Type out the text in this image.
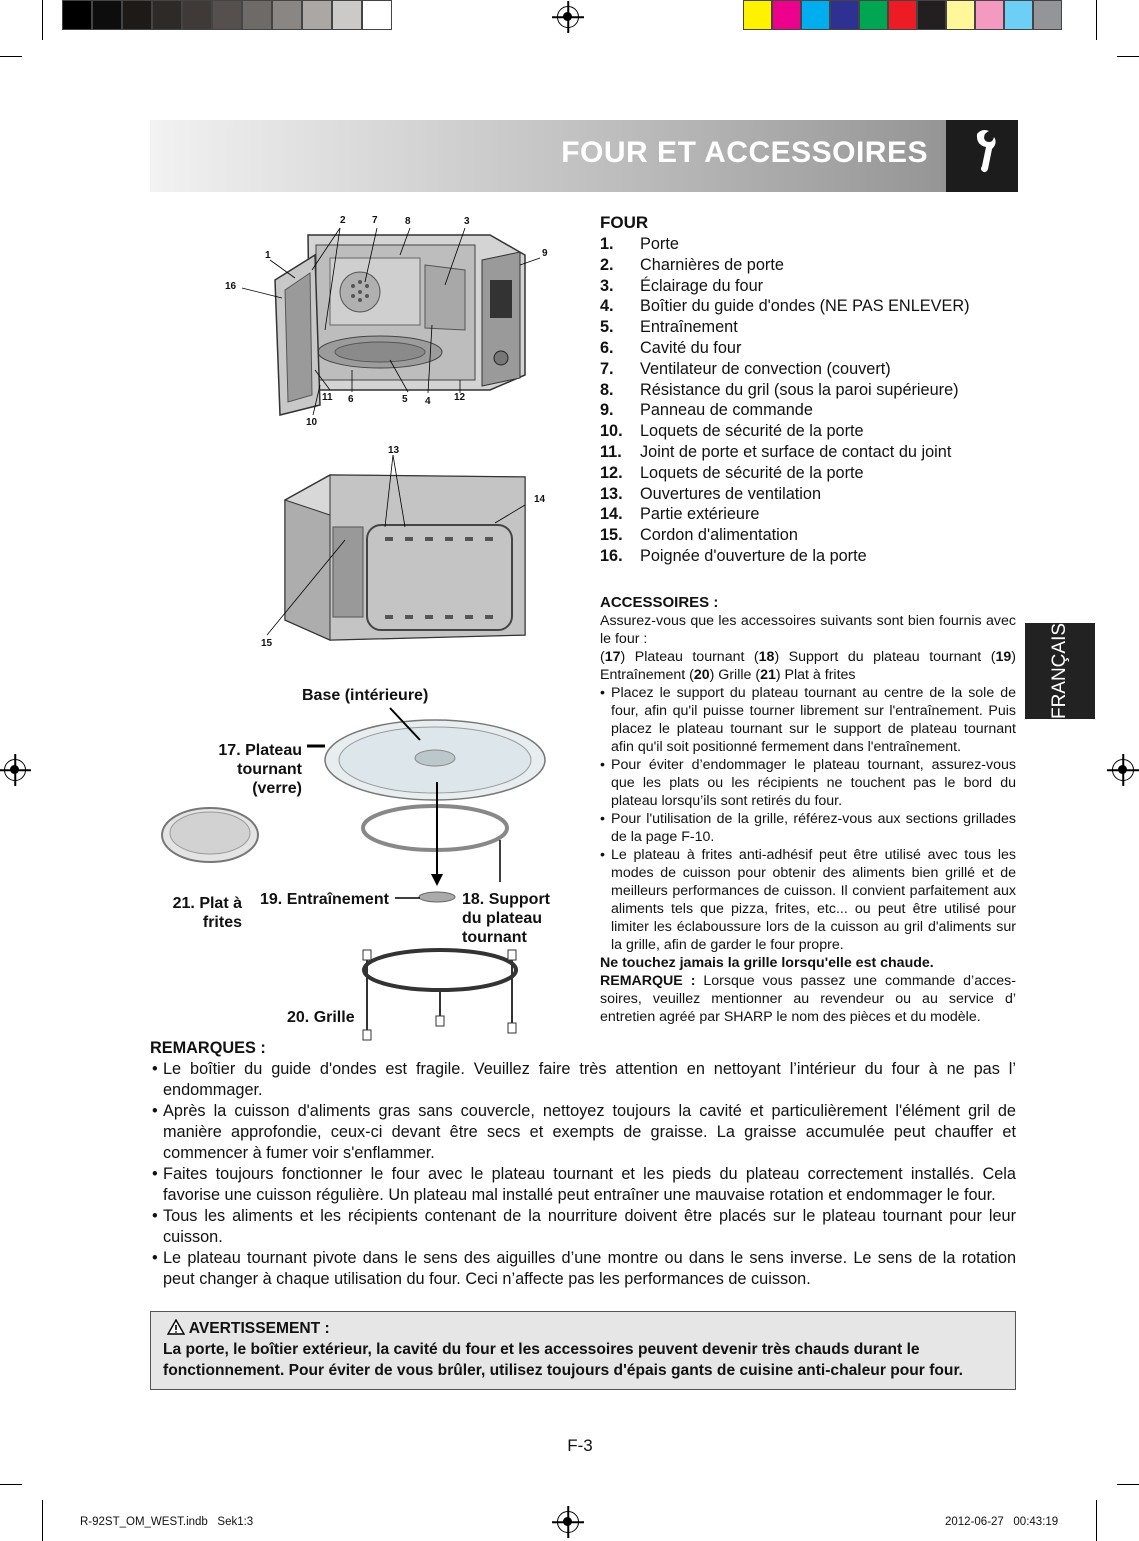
FOUR ET ACCESSOIRES
FRANÇAIS
FOUR
1.	Porte
2.	Charnières de porte
3.	Éclairage du four
4.	Boîtier du guide d'ondes (NE PAS ENLEVER)
5.	Entraînement
6.	Cavité du four
7.	Ventilateur de convection (couvert)
8.	Résistance du gril (sous la paroi supérieure)
9.	Panneau de commande
10.	Loquets de sécurité de la porte
11.	Joint de porte et surface de contact du joint
12.	Loquets de sécurité de la porte
13.	Ouvertures de ventilation
14.	Partie extérieure
15.	Cordon d'alimentation
16.	Poignée d'ouverture de la porte

ACCESSOIRES :

Assurez-vous que les accessoires suivants sont bien fournis avec le four :

(17) Plateau tournant (18) Support du plateau tournant (19) Entraînement (20) Grille (21) Plat à frites

• Placez le support du plateau tournant au centre de la sole de four, afin qu'il puisse tourner librement sur l'entraînement. Puis placez le plateau tournant sur le support de plateau tournant afin qu'il soit positionné fermement dans l'entraînement.
• Pour éviter d’endommager le plateau tournant, assurez-vous que les plats ou les récipients ne touchent pas le bord du plateau lorsqu’ils sont retirés du four.
• Pour l'utilisation de la grille, référez-vous aux sections grillades de la page F-10.
• Le plateau à frites anti-adhésif peut être utilisé avec tous les modes de cuisson pour obtenir des aliments bien grillé et de meilleurs performances de cuisson. Il convient parfaitement aux aliments tels que pizza, frites, etc... ou peut être utilisé pour limiter les éclaboussure lors de la cuisson au gril d'aliments sur la grille, afin de garder le four propre.

Ne touchez jamais la grille lorsqu'elle est chaude.

REMARQUE : Lorsque vous passez une commande d’accessoires, veuillez mentionner au revendeur ou au service d’ entretien agréé par SHARP le nom des pièces et du modèle.

1
2	7	8	3
9
16
11 6	5 4 12
10
13
14
15
Base (intérieure)
17. Plateau tournant (verre)
21. Plat à frites
19. Entraînement	18. Support du plateau tournant
20. Grille
REMARQUES :
• Le boîtier du guide d'ondes est fragile. Veuillez faire très attention en nettoyant l’intérieur du four à ne pas l’ endommager.
• Après la cuisson d'aliments gras sans couvercle, nettoyez toujours la cavité et particulièrement l'élément gril de manière approfondie, ceux-ci devant être secs et exempts de graisse. La graisse accumulée peut chauffer et commencer à fumer voir s'enflammer.
• Faites toujours fonctionner le four avec le plateau tournant et les pieds du plateau correctement installés. Cela favorise une cuisson régulière. Un plateau mal installé peut entraîner une mauvaise rotation et endommager le four.
• Tous les aliments et les récipients contenant de la nourriture doivent être placés sur le plateau tournant pour leur cuisson.
• Le plateau tournant pivote dans le sens des aiguilles d’une montre ou dans le sens inverse. Le sens de la rotation peut changer à chaque utilisation du four. Ceci n’affecte pas les performances de cuisson.
AVERTISSEMENT :
La porte, le boîtier extérieur, la cavité du four et les accessoires peuvent devenir très chauds durant le fonctionnement. Pour éviter de vous brûler, utilisez toujours d'épais gants de cuisine anti-chaleur pour four.
F-3
R-92ST_OM_WEST.indb   Sek1:3	2012-06-27   00:43:19
